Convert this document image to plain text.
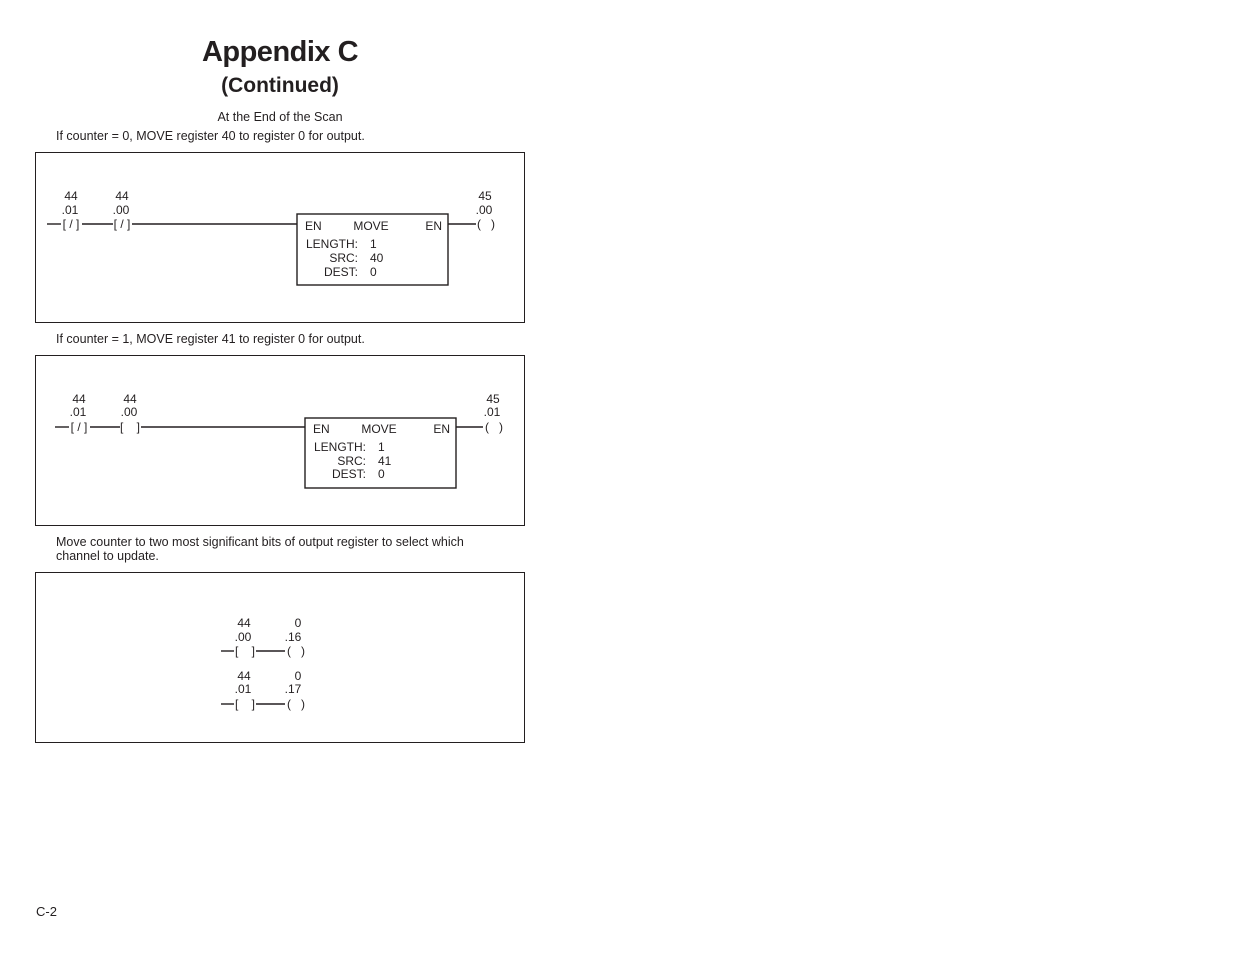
Appendix C
(Continued)
At the End of the Scan
If counter = 0, MOVE register 40 to register 0 for output.
44
.01
[ / ]
44
.00
[ / ]	EN	MOVE	EN
LENGTH: 1
SRC: 40
DEST: 0
45
.00
(   )
If counter = 1, MOVE register 41 to register 0 for output.
44
.01
[ / ]
44
.00
[    ]	EN	MOVE	EN
LENGTH: 1
SRC: 41
DEST: 0
45
.01
(   )
Move counter to two most significant bits of output register to select which
channel to update.
44
.00
[    ]
0
.16
(   )
44
.01
[    ]
0
.17
(   )
C-2
